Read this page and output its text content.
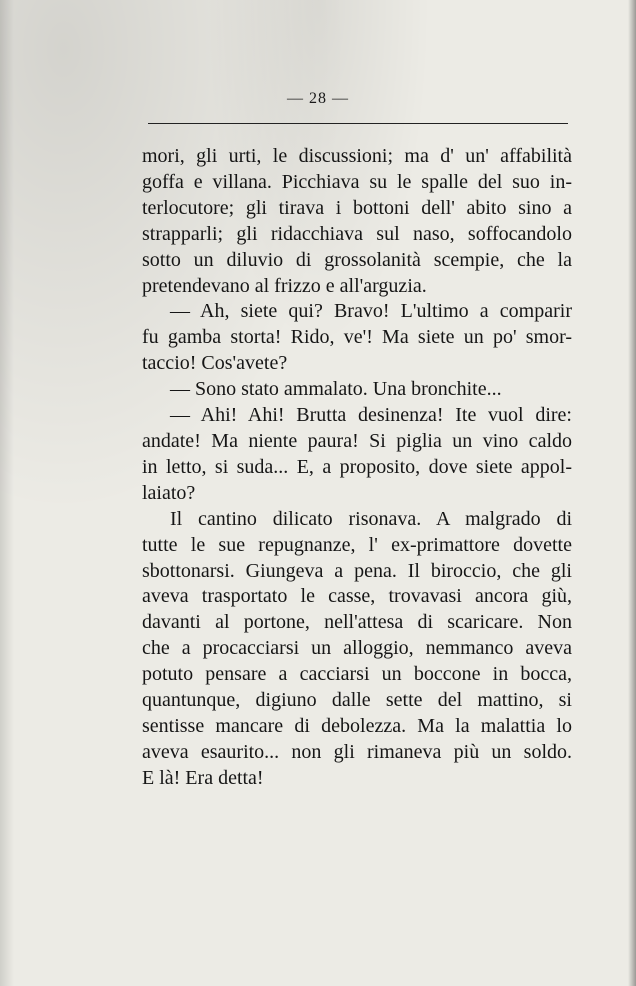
— 28 —
mori, gli urti, le discussioni; ma d' un' affabilità
goffa e villana. Picchiava su le spalle del suo in-
terlocutore; gli tirava i bottoni dell' abito sino a
strapparli; gli ridacchiava sul naso, soffocandolo
sotto un diluvio di grossolanità scempie, che la
pretendevano al frizzo e all'arguzia.
— Ah, siete qui? Bravo! L'ultimo a comparir
fu gamba storta! Rido, ve'! Ma siete un po' smor-
taccio! Cos'avete?
— Sono stato ammalato. Una bronchite...
— Ahi! Ahi! Brutta desinenza! Ite vuol dire:
andate! Ma niente paura! Si piglia un vino caldo
in letto, si suda... E, a proposito, dove siete appol-
laiato?
Il cantino dilicato risonava. A malgrado di
tutte le sue repugnanze, l' ex-primattore dovette
sbottonarsi. Giungeva a pena. Il biroccio, che gli
aveva trasportato le casse, trovavasi ancora giù,
davanti al portone, nell'attesa di scaricare. Non
che a procacciarsi un alloggio, nemmanco aveva
potuto pensare a cacciarsi un boccone in bocca,
quantunque, digiuno dalle sette del mattino, si
sentisse mancare di debolezza. Ma la malattia lo
aveva esaurito... non gli rimaneva più un soldo.
E là! Era detta!
